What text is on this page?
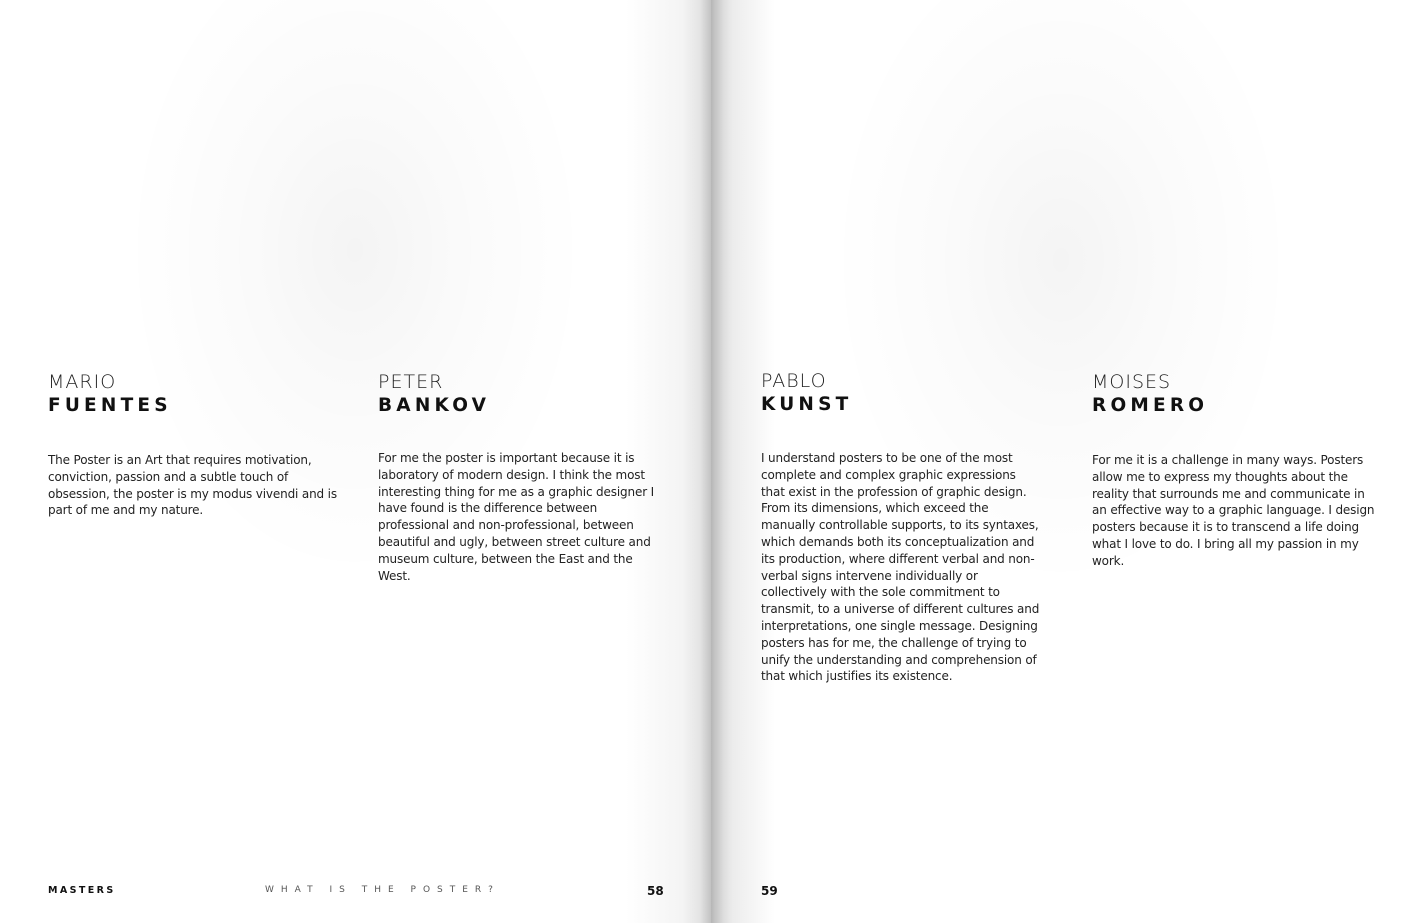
MARIO
FUENTES

The Poster is an Art that requires motivation, conviction, passion and a subtle touch of obsession, the poster is my modus vivendi and is part of me and my nature.

PETER
BANKOV

For me the poster is important because it is laboratory of modern design. I think the most interesting thing for me as a graphic designer I have found is the difference between professional and non-professional, between beautiful and ugly, between street culture and museum culture, between the East and the West.

MASTERS	WHAT IS THE POSTER?	58
PABLO
KUNST

I understand posters to be one of the most complete and complex graphic expressions that exist in the profession of graphic design. From its dimensions, which exceed the manually controllable supports, to its syntaxes, which demands both its conceptualization and its production, where different verbal and non-verbal signs intervene individually or collectively with the sole commitment to transmit, to a universe of different cultures and interpretations, one single message. Designing posters has for me, the challenge of trying to unify the understanding and comprehension of that which justifies its existence.

MOISES
ROMERO

For me it is a challenge in many ways. Posters allow me to express my thoughts about the reality that surrounds me and communicate in an effective way to a graphic language. I design posters because it is to transcend a life doing what I love to do. I bring all my passion in my work.

59
